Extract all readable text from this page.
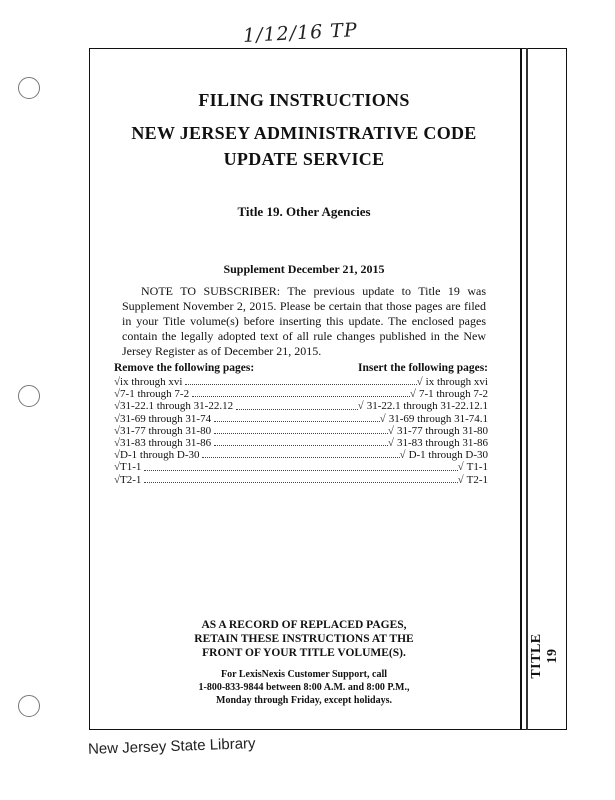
1/12/16 TP
FILING INSTRUCTIONS
NEW JERSEY ADMINISTRATIVE CODE
UPDATE SERVICE
Title 19. Other Agencies
Supplement December 21, 2015
NOTE TO SUBSCRIBER: The previous update to Title 19 was Supplement November 2, 2015. Please be certain that those pages are filed in your Title volume(s) before inserting this update. The enclosed pages contain the legally adopted text of all rule changes published in the New Jersey Register as of December 21, 2015.
Remove the following pages:	Insert the following pages:
√ ix through xvi	√ ix through xvi
√ 7-1 through 7-2	√ 7-1 through 7-2
√ 31-22.1 through 31-22.12	√ 31-22.1 through 31-22.12.1
√ 31-69 through 31-74	√ 31-69 through 31-74.1
√ 31-77 through 31-80	√ 31-77 through 31-80
√ 31-83 through 31-86	√ 31-83 through 31-86
√ D-1 through D-30	√ D-1 through D-30
√ T1-1	√ T1-1
√ T2-1	√ T2-1
AS A RECORD OF REPLACED PAGES,
RETAIN THESE INSTRUCTIONS AT THE
FRONT OF YOUR TITLE VOLUME(S).
For LexisNexis Customer Support, call
1-800-833-9844 between 8:00 A.M. and 8:00 P.M.,
Monday through Friday, except holidays.
TITLE 19
New Jersey State Library
